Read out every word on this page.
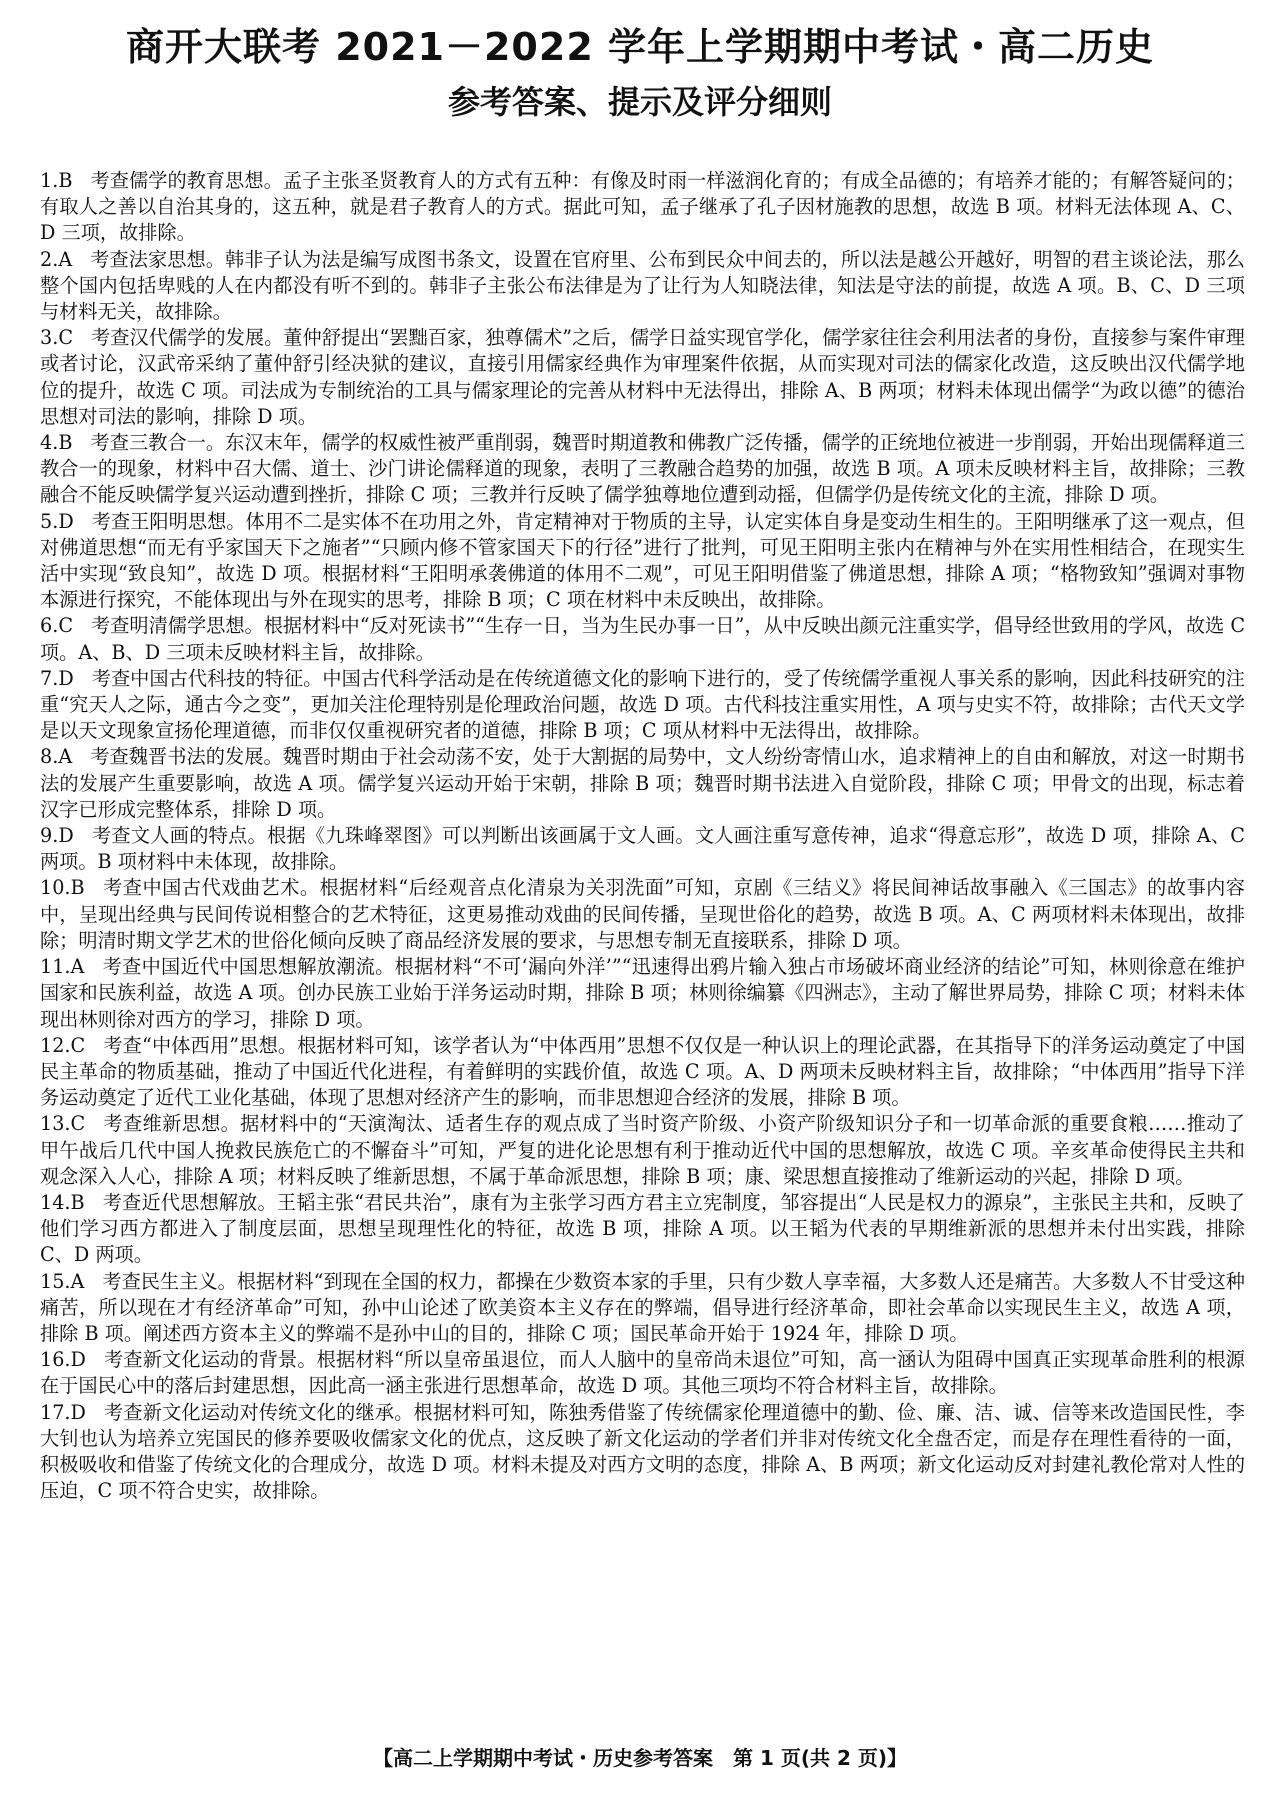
商开大联考 2021－2022 学年上学期期中考试・高二历史
参考答案、提示及评分细则
1.B 考查儒学的教育思想。孟子主张圣贤教育人的方式有五种：有像及时雨一样滋润化育的；有成全品德的；有培养才能的；有解答疑问的；有取人之善以自治其身的，这五种，就是君子教育人的方式。据此可知，孟子继承了孔子因材施教的思想，故选 B 项。材料无法体现 A、C、D 三项，故排除。
2.A 考查法家思想。韩非子认为法是编写成图书条文，设置在官府里、公布到民众中间去的，所以法是越公开越好，明智的君主谈论法，那么整个国内包括卑贱的人在内都没有听不到的。韩非子主张公布法律是为了让行为人知晓法律，知法是守法的前提，故选 A 项。B、C、D 三项与材料无关，故排除。
3.C 考查汉代儒学的发展。董仲舒提出“罢黜百家，独尊儒术”之后，儒学日益实现官学化，儒学家往往会利用法者的身份，直接参与案件审理或者讨论，汉武帝采纳了董仲舒引经决狱的建议，直接引用儒家经典作为审理案件依据，从而实现对司法的儒家化改造，这反映出汉代儒学地位的提升，故选 C 项。司法成为专制统治的工具与儒家理论的完善从材料中无法得出，排除 A、B 两项；材料未体现出儒学“为政以德”的德治思想对司法的影响，排除 D 项。
4.B 考查三教合一。东汉末年，儒学的权威性被严重削弱，魏晋时期道教和佛教广泛传播，儒学的正统地位被进一步削弱，开始出现儒释道三教合一的现象，材料中召大儒、道士、沙门讲论儒释道的现象，表明了三教融合趋势的加强，故选 B 项。A 项未反映材料主旨，故排除；三教融合不能反映儒学复兴运动遭到挫折，排除 C 项；三教并行反映了儒学独尊地位遭到动摇，但儒学仍是传统文化的主流，排除 D 项。
5.D 考查王阳明思想。体用不二是实体不在功用之外，肯定精神对于物质的主导，认定实体自身是变动生相生的。王阳明继承了这一观点，但对佛道思想“而无有乎家国天下之施者”“只顾内修不管家国天下的行径”进行了批判，可见王阳明主张内在精神与外在实用性相结合，在现实生活中实现“致良知”，故选 D 项。根据材料“王阳明承袭佛道的体用不二观”，可见王阳明借鉴了佛道思想，排除 A 项；“格物致知”强调对事物本源进行探究，不能体现出与外在现实的思考，排除 B 项；C 项在材料中未反映出，故排除。
6.C 考查明清儒学思想。根据材料中“反对死读书”“生存一日，当为生民办事一日”，从中反映出颜元注重实学，倡导经世致用的学风，故选 C 项。A、B、D 三项未反映材料主旨，故排除。
7.D 考查中国古代科技的特征。中国古代科学活动是在传统道德文化的影响下进行的，受了传统儒学重视人事关系的影响，因此科技研究的注重“究天人之际，通古今之变”，更加关注伦理特别是伦理政治问题，故选 D 项。古代科技注重实用性，A 项与史实不符，故排除；古代天文学是以天文现象宣扬伦理道德，而非仅仅重视研究者的道德，排除 B 项；C 项从材料中无法得出，故排除。
8.A 考查魏晋书法的发展。魏晋时期由于社会动荡不安，处于大割据的局势中，文人纷纷寄情山水，追求精神上的自由和解放，对这一时期书法的发展产生重要影响，故选 A 项。儒学复兴运动开始于宋朝，排除 B 项；魏晋时期书法进入自觉阶段，排除 C 项；甲骨文的出现，标志着汉字已形成完整体系，排除 D 项。
9.D 考查文人画的特点。根据《九珠峰翠图》可以判断出该画属于文人画。文人画注重写意传神，追求“得意忘形”，故选 D 项，排除 A、C 两项。B 项材料中未体现，故排除。
10.B 考查中国古代戏曲艺术。根据材料“后经观音点化清泉为关羽洗面”可知，京剧《三结义》将民间神话故事融入《三国志》的故事内容中，呈现出经典与民间传说相整合的艺术特征，这更易推动戏曲的民间传播，呈现世俗化的趋势，故选 B 项。A、C 两项材料未体现出，故排除；明清时期文学艺术的世俗化倾向反映了商品经济发展的要求，与思想专制无直接联系，排除 D 项。
11.A 考查中国近代中国思想解放潮流。根据材料“不可‘漏向外洋’”“迅速得出鸦片输入独占市场破坏商业经济的结论”可知，林则徐意在维护国家和民族利益，故选 A 项。创办民族工业始于洋务运动时期，排除 B 项；林则徐编纂《四洲志》，主动了解世界局势，排除 C 项；材料未体现出林则徐对西方的学习，排除 D 项。
12.C 考查“中体西用”思想。根据材料可知，该学者认为“中体西用”思想不仅仅是一种认识上的理论武器，在其指导下的洋务运动奠定了中国民主革命的物质基础，推动了中国近代化进程，有着鲜明的实践价值，故选 C 项。A、D 两项未反映材料主旨，故排除；“中体西用”指导下洋务运动奠定了近代工业化基础，体现了思想对经济产生的影响，而非思想迎合经济的发展，排除 B 项。
13.C 考查维新思想。据材料中的“天演淘汰、适者生存的观点成了当时资产阶级、小资产阶级知识分子和一切革命派的重要食粮……推动了甲午战后几代中国人挽救民族危亡的不懈奋斗”可知，严复的进化论思想有利于推动近代中国的思想解放，故选 C 项。辛亥革命使得民主共和观念深入人心，排除 A 项；材料反映了维新思想，不属于革命派思想，排除 B 项；康、梁思想直接推动了维新运动的兴起，排除 D 项。
14.B 考查近代思想解放。王韬主张“君民共治”，康有为主张学习西方君主立宪制度，邹容提出“人民是权力的源泉”，主张民主共和，反映了他们学习西方都进入了制度层面，思想呈现理性化的特征，故选 B 项，排除 A 项。以王韬为代表的早期维新派的思想并未付出实践，排除 C、D 两项。
15.A 考查民生主义。根据材料“到现在全国的权力，都操在少数资本家的手里，只有少数人享幸福，大多数人还是痛苦。大多数人不甘受这种痛苦，所以现在才有经济革命”可知，孙中山论述了欧美资本主义存在的弊端，倡导进行经济革命，即社会革命以实现民生主义，故选 A 项，排除 B 项。阐述西方资本主义的弊端不是孙中山的目的，排除 C 项；国民革命开始于 1924 年，排除 D 项。
16.D 考查新文化运动的背景。根据材料“所以皇帝虽退位，而人人脑中的皇帝尚未退位”可知，高一涵认为阻碍中国真正实现革命胜利的根源在于国民心中的落后封建思想，因此高一涵主张进行思想革命，故选 D 项。其他三项均不符合材料主旨，故排除。
17.D 考查新文化运动对传统文化的继承。根据材料可知，陈独秀借鉴了传统儒家伦理道德中的勤、俭、廉、洁、诚、信等来改造国民性，李大钊也认为培养立宪国民的修养要吸收儒家文化的优点，这反映了新文化运动的学者们并非对传统文化全盘否定，而是存在理性看待的一面，积极吸收和借鉴了传统文化的合理成分，故选 D 项。材料未提及对西方文明的态度，排除 A、B 两项；新文化运动反对封建礼教伦常对人性的压迫，C 项不符合史实，故排除。
【高二上学期期中考试・历史参考答案　第 1 页(共 2 页)】
